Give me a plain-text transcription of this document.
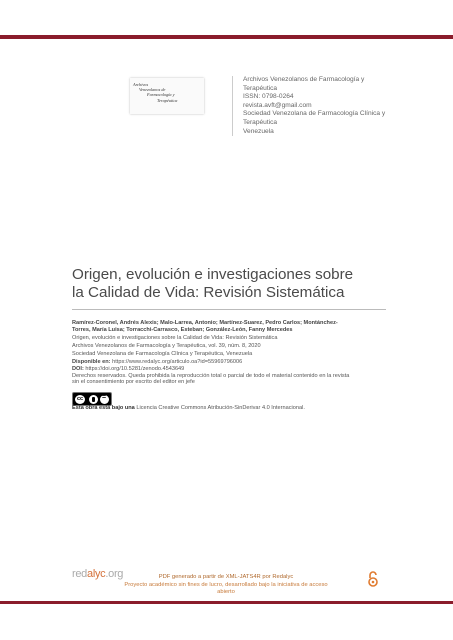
Archivos
Venezolanos de
Farmacología y
Terapéutica
Archivos Venezolanos de Farmacología y
Terapéutica
ISSN: 0798-0264
revista.avft@gmail.com
Sociedad Venezolana de Farmacología Clínica y
Terapéutica
Venezuela
Origen, evolución e investigaciones sobre
la Calidad de Vida: Revisión Sistemática
Ramírez-Coronel, Andrés Alexis; Malo-Larrea, Antonio; Martínez-Suarez, Pedro Carlos; Montánchez-
Torres, María Luisa; Torracchi-Carrasco, Esteban; González-León, Fanny Mercedes
Origen, evolución e investigaciones sobre la Calidad de Vida: Revisión Sistemática
Archivos Venezolanos de Farmacología y Terapéutica, vol. 39, núm. 8, 2020
Sociedad Venezolana de Farmacología Clínica y Terapéutica, Venezuela
Disponible en: https://www.redalyc.org/articulo.oa?id=55969796006
DOI: https://doi.org/10.5281/zenodo.4543649
Derechos reservados. Queda prohibida la reproducción total o parcial de todo el material contenido en la revista
sin el consentimiento por escrito del editor en jefe
cc
=
Esta obra está bajo una Licencia Creative Commons Atribución-SinDerivar 4.0 Internacional.
redalyc.org	PDF generado a partir de XML-JATS4R por Redalyc
Proyecto académico sin fines de lucro, desarrollado bajo la iniciativa de acceso abierto
